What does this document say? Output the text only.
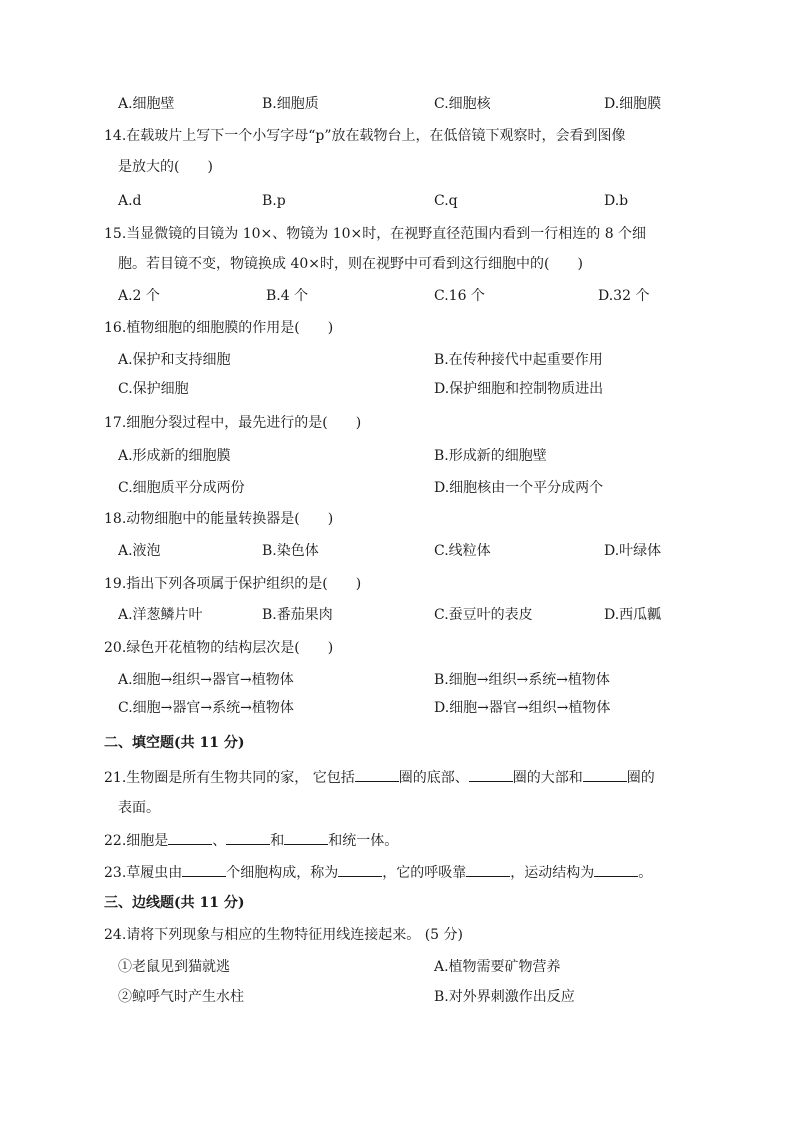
A.细胞壁	B.细胞质	C.细胞核	D.细胞膜
14.在载玻片上写下一个小写字母“p”放在载物台上，在低倍镜下观察时，会看到图像
是放大的(　　)
A.d	B.p	C.q	D.b
15.当显微镜的目镜为 10×、物镜为 10×时，在视野直径范围内看到一行相连的 8 个细
胞。若目镜不变，物镜换成 40×时，则在视野中可看到这行细胞中的(　　)
A.2 个	B.4 个	C.16 个	D.32 个
16.植物细胞的细胞膜的作用是(　　)
A.保护和支持细胞	B.在传种接代中起重要作用
C.保护细胞	D.保护细胞和控制物质进出
17.细胞分裂过程中，最先进行的是(　　)
A.形成新的细胞膜	B.形成新的细胞壁
C.细胞质平分成两份	D.细胞核由一个平分成两个
18.动物细胞中的能量转换器是(　　)
A.液泡	B.染色体	C.线粒体	D.叶绿体
19.指出下列各项属于保护组织的是(　　)
A.洋葱鳞片叶	B.番茄果肉	C.蚕豆叶的表皮	D.西瓜瓤
20.绿色开花植物的结构层次是(　　)
A.细胞→组织→器官→植物体	B.细胞→组织→系统→植物体
C.细胞→器官→系统→植物体	D.细胞→器官→组织→植物体
二、填空题(共 11 分)
21.生物圈是所有生物共同的家， 它包括	圈的底部、	圈的大部和	圈的
表面。
22.细胞是	、	和	和统一体。
23.草履虫由	个细胞构成，称为	，它的呼吸靠	，运动结构为	。
三、边线题(共 11 分)
24.请将下列现象与相应的生物特征用线连接起来。 (5 分)
①老鼠见到猫就逃	A.植物需要矿物营养
②鲸呼气时产生水柱	B.对外界刺激作出反应
